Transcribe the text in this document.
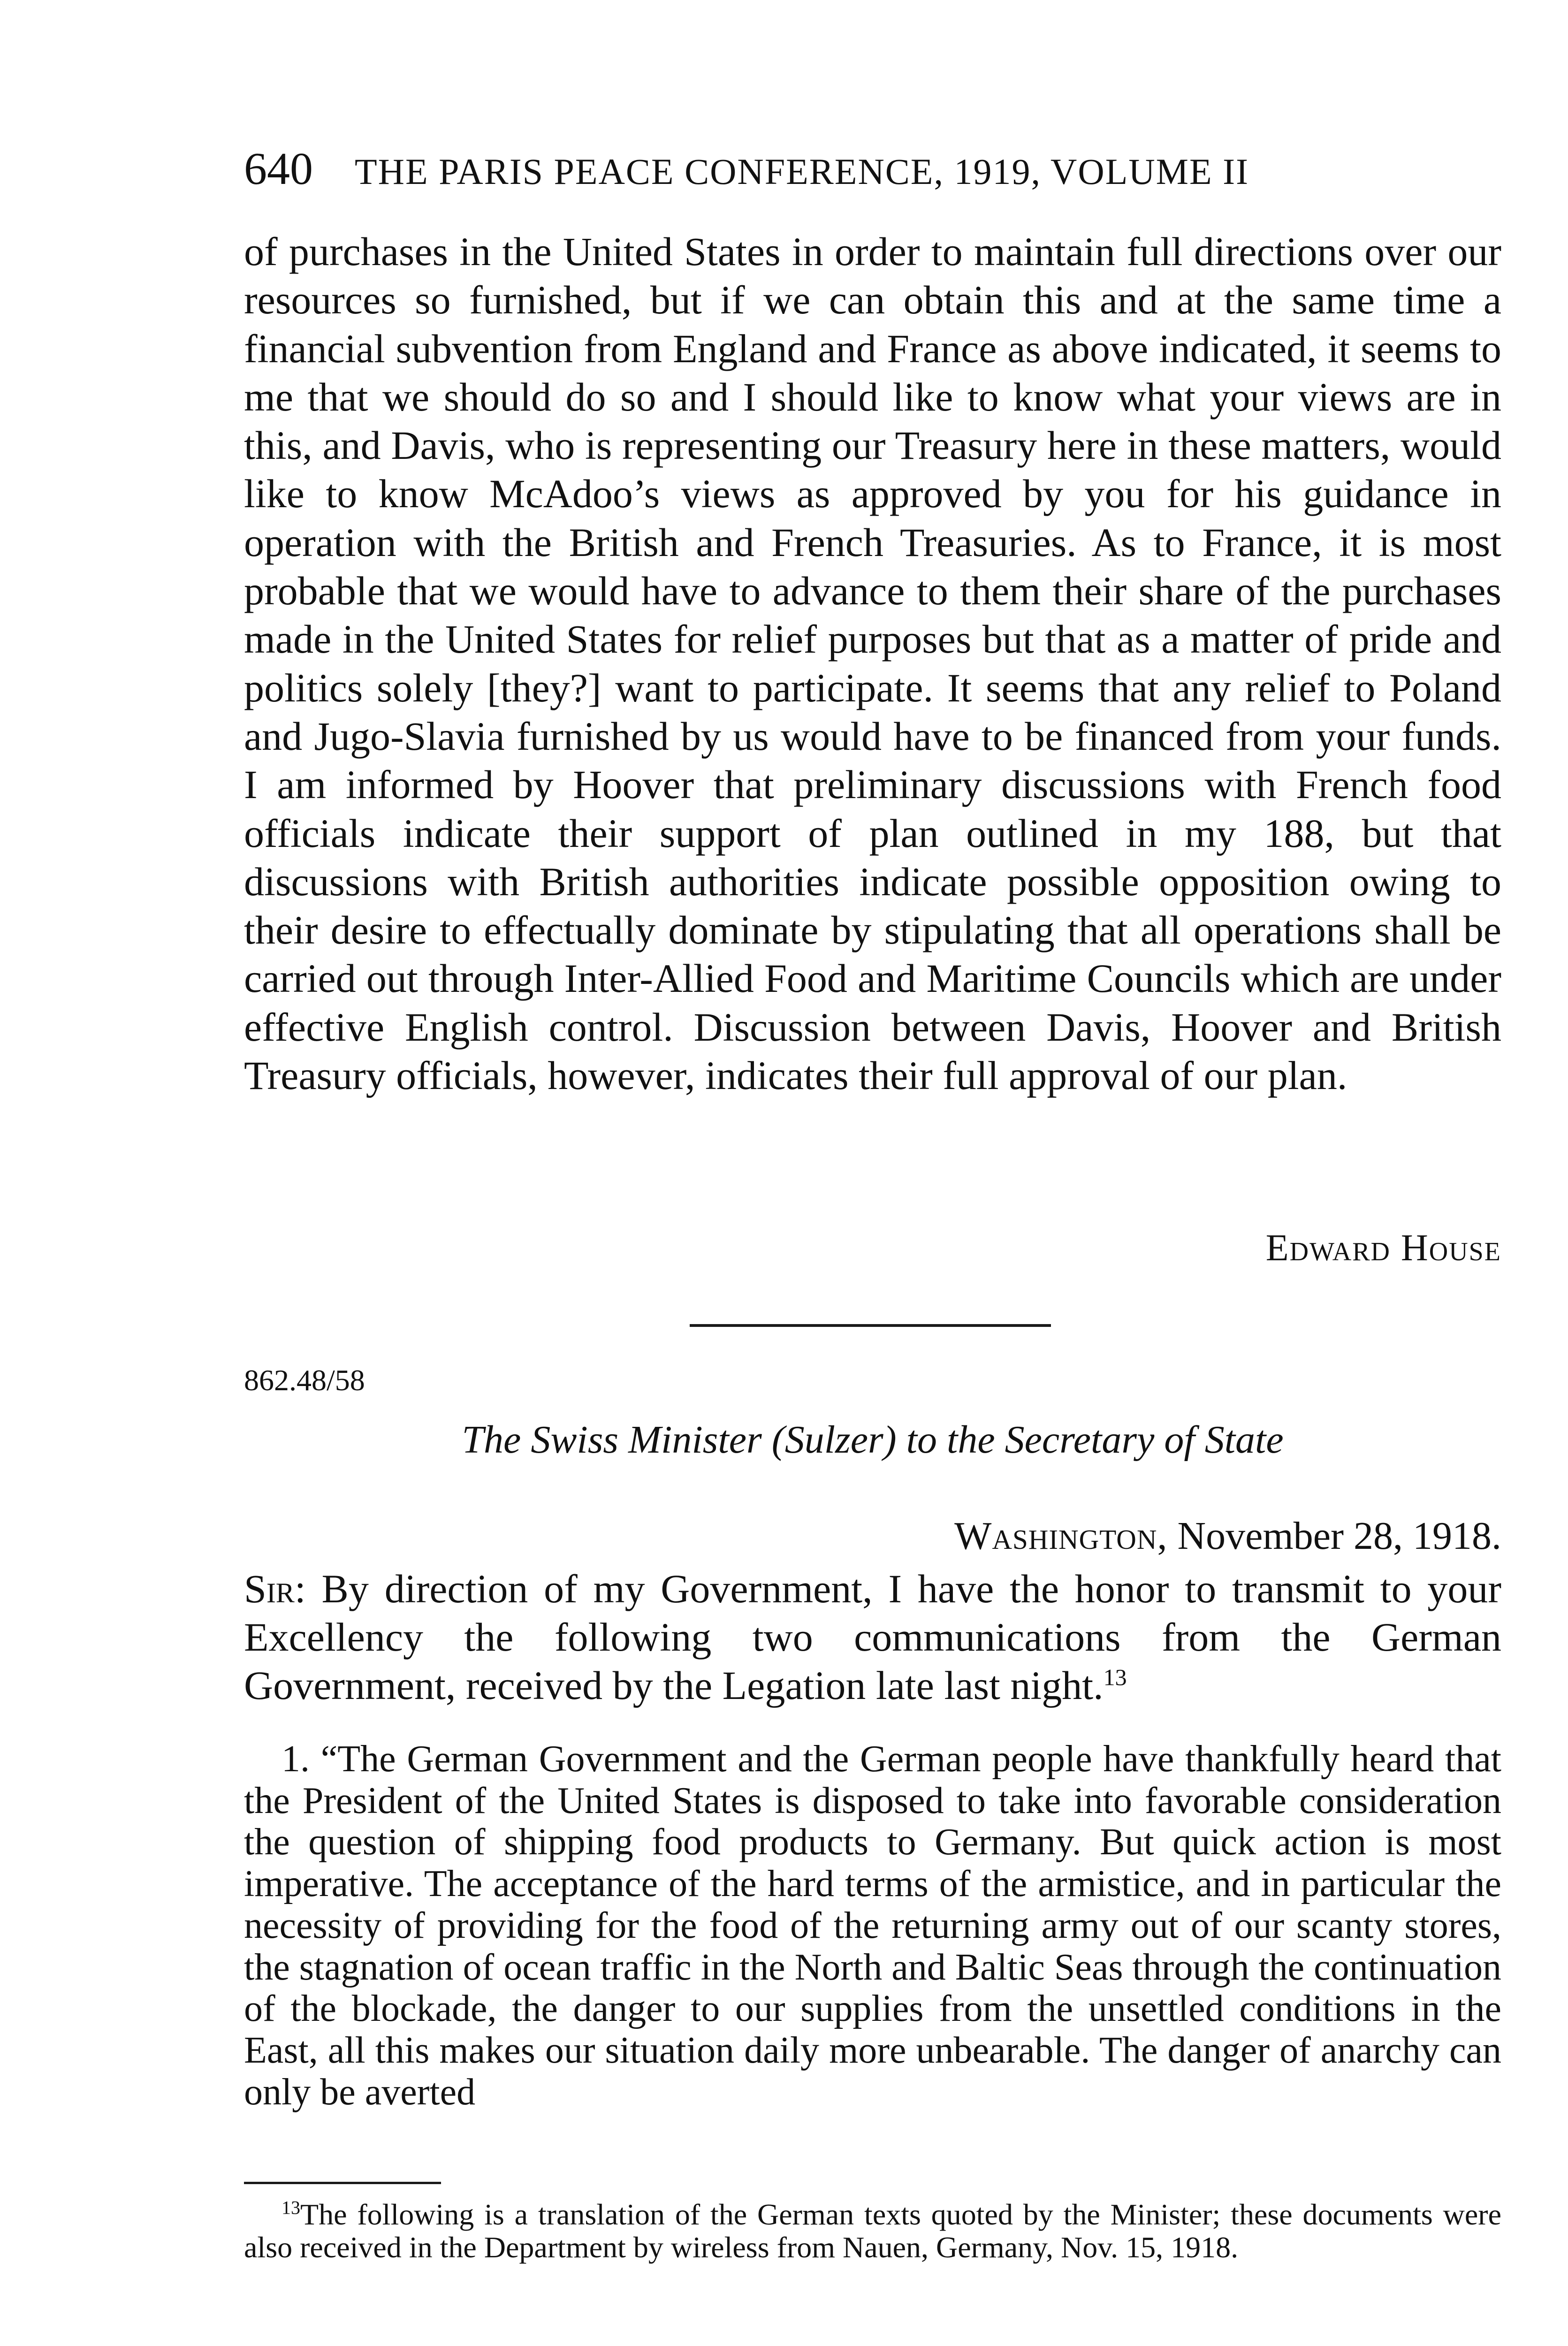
640 THE PARIS PEACE CONFERENCE, 1919, VOLUME II

of purchases in the United States in order to maintain full directions over our resources so furnished, but if we can obtain this and at the same time a financial subvention from England and France as above indicated, it seems to me that we should do so and I should like to know what your views are in this, and Davis, who is representing our Treasury here in these matters, would like to know McAdoo’s views as approved by you for his guidance in operation with the British and French Treasuries. As to France, it is most probable that we would have to advance to them their share of the purchases made in the United States for relief purposes but that as a matter of pride and politics solely [they?] want to participate. It seems that any relief to Poland and Jugo-Slavia furnished by us would have to be financed from your funds. I am informed by Hoover that preliminary discussions with French food officials indicate their support of plan outlined in my 188, but that discussions with British authorities indicate possible opposition owing to their desire to effectually dominate by stipulating that all operations shall be carried out through Inter-Allied Food and Maritime Councils which are under effective English control. Discussion between Davis, Hoover and British Treasury officials, however, indicates their full approval of our plan.

Edward House
862.48/58
The Swiss Minister (Sulzer) to the Secretary of State
Washington, November 28, 1918.

Sir: By direction of my Government, I have the honor to transmit to your Excellency the following two communications from the German Government, received by the Legation late last night.$^{13}$

1. “The German Government and the German people have thankfully heard that the President of the United States is disposed to take into favorable consideration the question of shipping food products to Germany. But quick action is most imperative. The acceptance of the hard terms of the armistice, and in particular the necessity of providing for the food of the returning army out of our scanty stores, the stagnation of ocean traffic in the North and Baltic Seas through the continuation of the blockade, the danger to our supplies from the unsettled conditions in the East, all this makes our situation daily more unbearable. The danger of anarchy can only be averted

$^{13}$The following is a translation of the German texts quoted by the Minister; these documents were also received in the Department by wireless from Nauen, Germany, Nov. 15, 1918.
